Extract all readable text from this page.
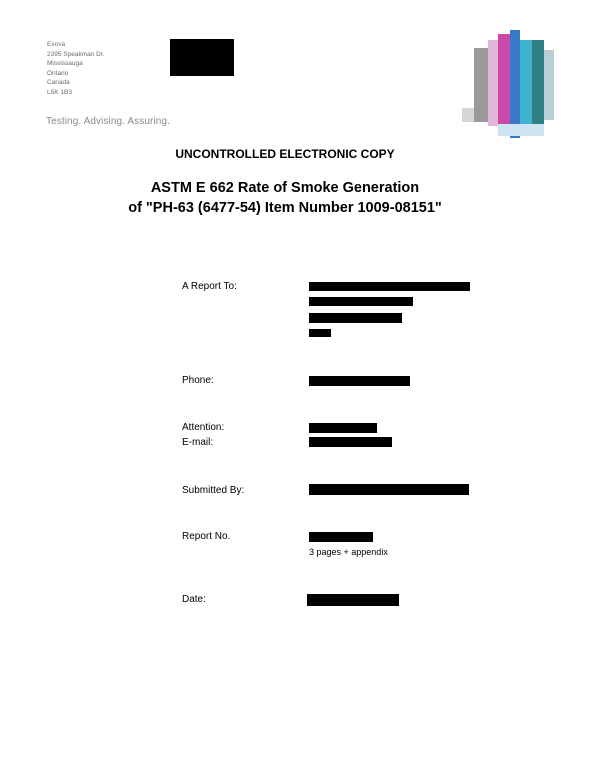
Exova
2395 Speakman Dr.
Mississauga
Ontario
Canada
L5K 1B3
Testing. Advising. Assuring.
UNCONTROLLED ELECTRONIC COPY
ASTM E 662 Rate of Smoke Generation
of "PH-63 (6477-54) Item Number 1009-08151"
A Report To:
Phone:
Attention:
E-mail:
Submitted By:
Report No.
3 pages + appendix
Date:
